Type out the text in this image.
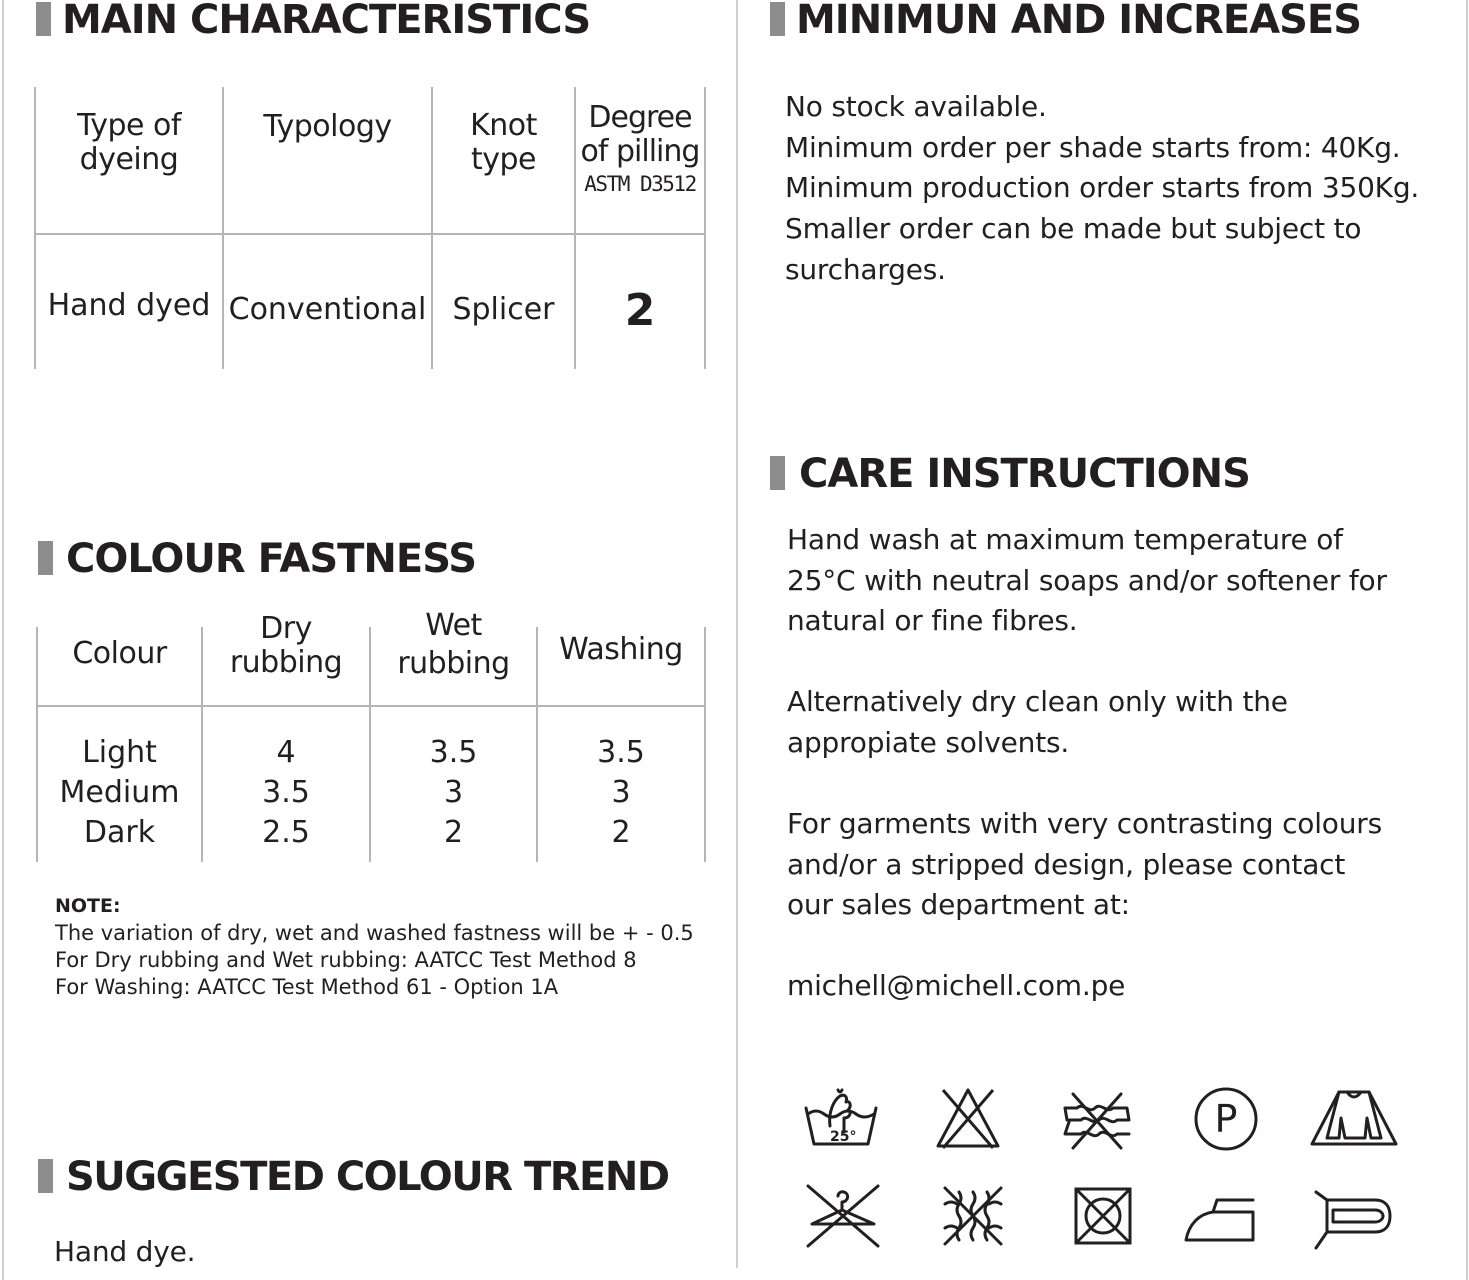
MAIN CHARACTERISTICS
Type of
dyeing
Typology	Knot
type
Degree
of pilling
ASTM D3512
Hand dyed Conventional Splicer 2
COLOUR FASTNESS
Colour
Dry
rubbing
Wet
rubbing Washing
Light
Medium
Dark
4
3.5
2.5
3.5
3
2
3.5
3
2
NOTE:
The variation of dry, wet and washed fastness will be + - 0.5
For Dry rubbing and Wet rubbing: AATCC Test Method 8
For Washing: AATCC Test Method 61 - Option 1A
SUGGESTED COLOUR TREND
Hand dye.
MINIMUN AND INCREASES
No stock available.
Minimum order per shade starts from: 40Kg.
Minimum production order starts from 350Kg.
Smaller order can be made but subject to
surcharges.
CARE INSTRUCTIONS
Hand wash at maximum temperature of
25°C with neutral soaps and/or softener for
natural or fine fibres.
Alternatively dry clean only with the
appropiate solvents.
For garments with very contrasting colours
and/or a stripped design, please contact
our sales department at:
michell@michell.com.pe
25°	P
